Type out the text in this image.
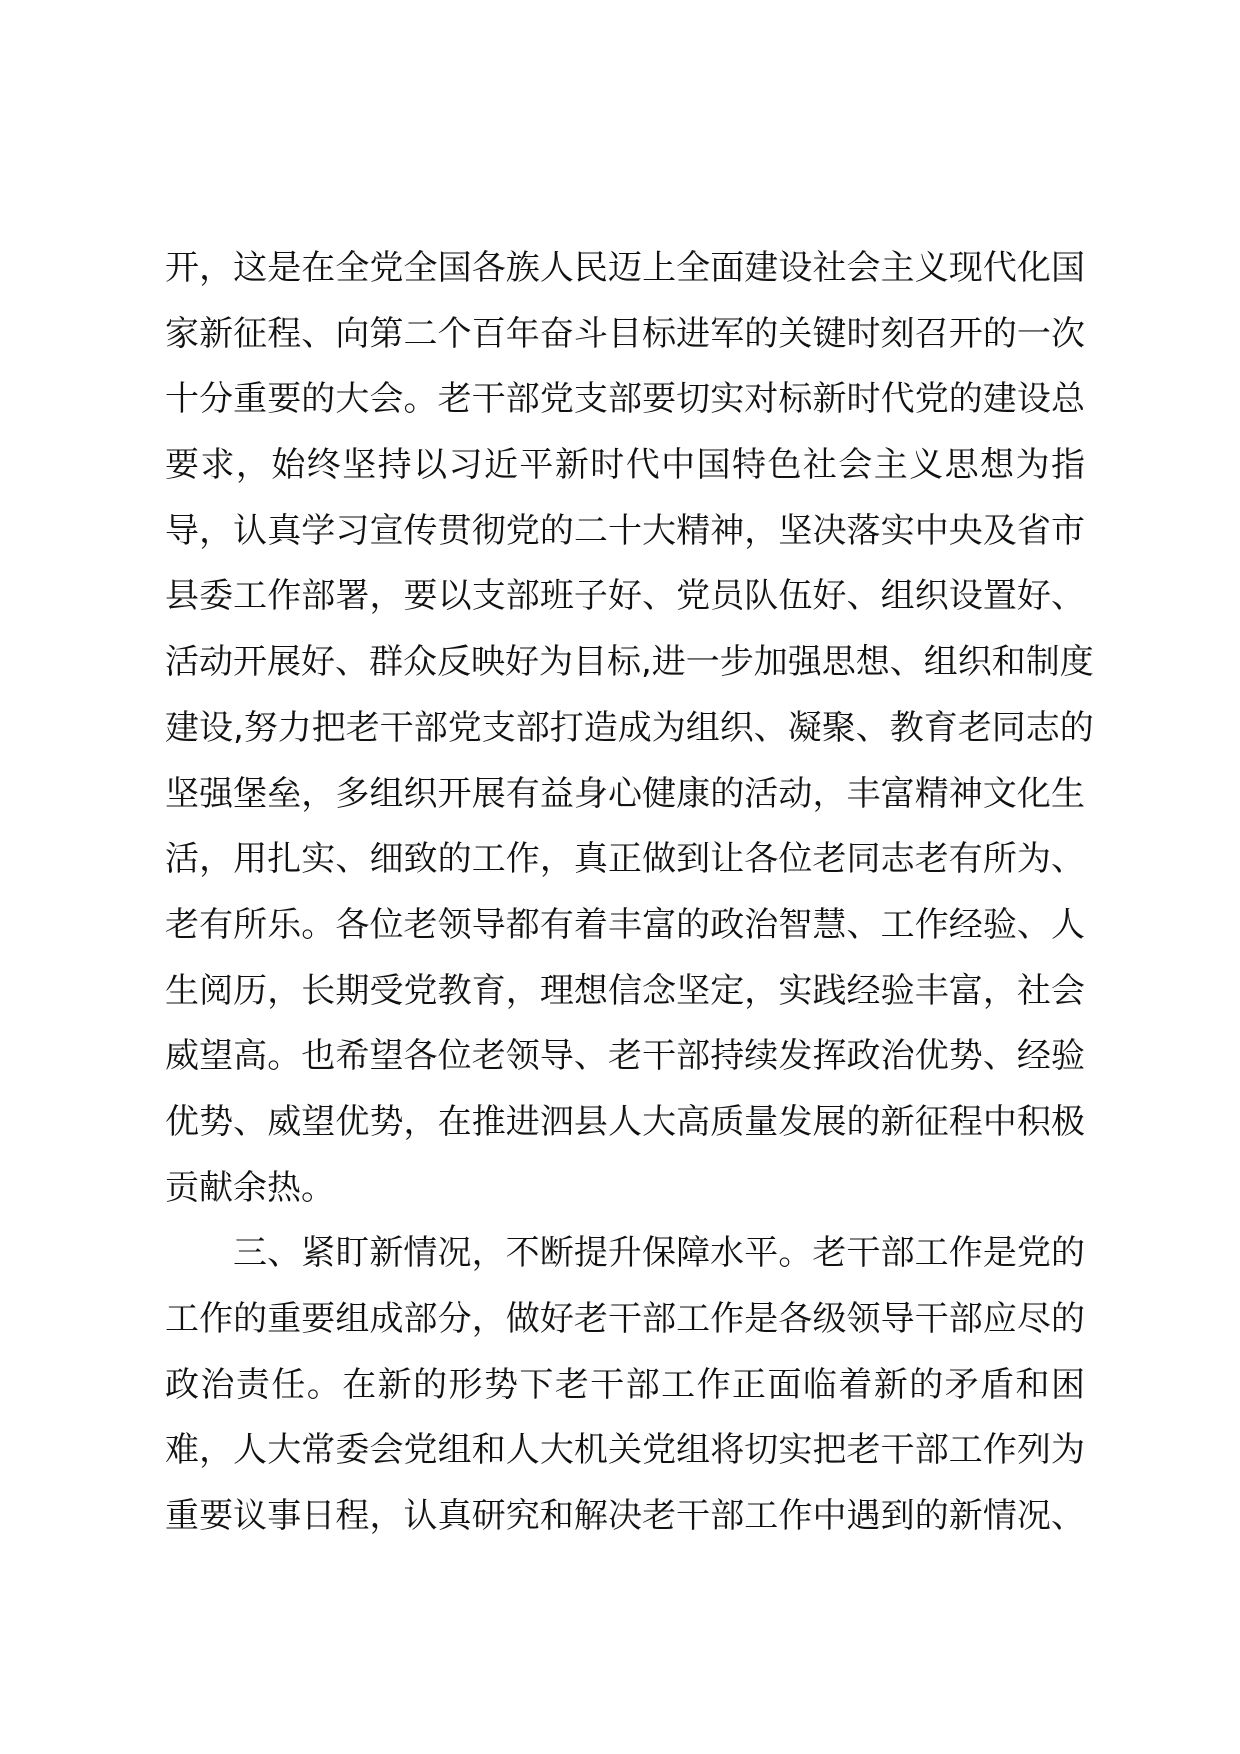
开，这是在全党全国各族人民迈上全面建设社会主义现代化国
家新征程、向第二个百年奋斗目标进军的关键时刻召开的一次
十分重要的大会。老干部党支部要切实对标新时代党的建设总
要求，始终坚持以习近平新时代中国特色社会主义思想为指
导，认真学习宣传贯彻党的二十大精神，坚决落实中央及省市
县委工作部署，要以支部班子好、党员队伍好、组织设置好、
活动开展好、群众反映好为目标,进一步加强思想、组织和制度
建设,努力把老干部党支部打造成为组织、凝聚、教育老同志的
坚强堡垒，多组织开展有益身心健康的活动，丰富精神文化生
活，用扎实、细致的工作，真正做到让各位老同志老有所为、
老有所乐。各位老领导都有着丰富的政治智慧、工作经验、人
生阅历，长期受党教育，理想信念坚定，实践经验丰富，社会
威望高。也希望各位老领导、老干部持续发挥政治优势、经验
优势、威望优势，在推进泗县人大高质量发展的新征程中积极
贡献余热。
三、紧盯新情况，不断提升保障水平。老干部工作是党的
工作的重要组成部分，做好老干部工作是各级领导干部应尽的
政治责任。在新的形势下老干部工作正面临着新的矛盾和困
难，人大常委会党组和人大机关党组将切实把老干部工作列为
重要议事日程，认真研究和解决老干部工作中遇到的新情况、
